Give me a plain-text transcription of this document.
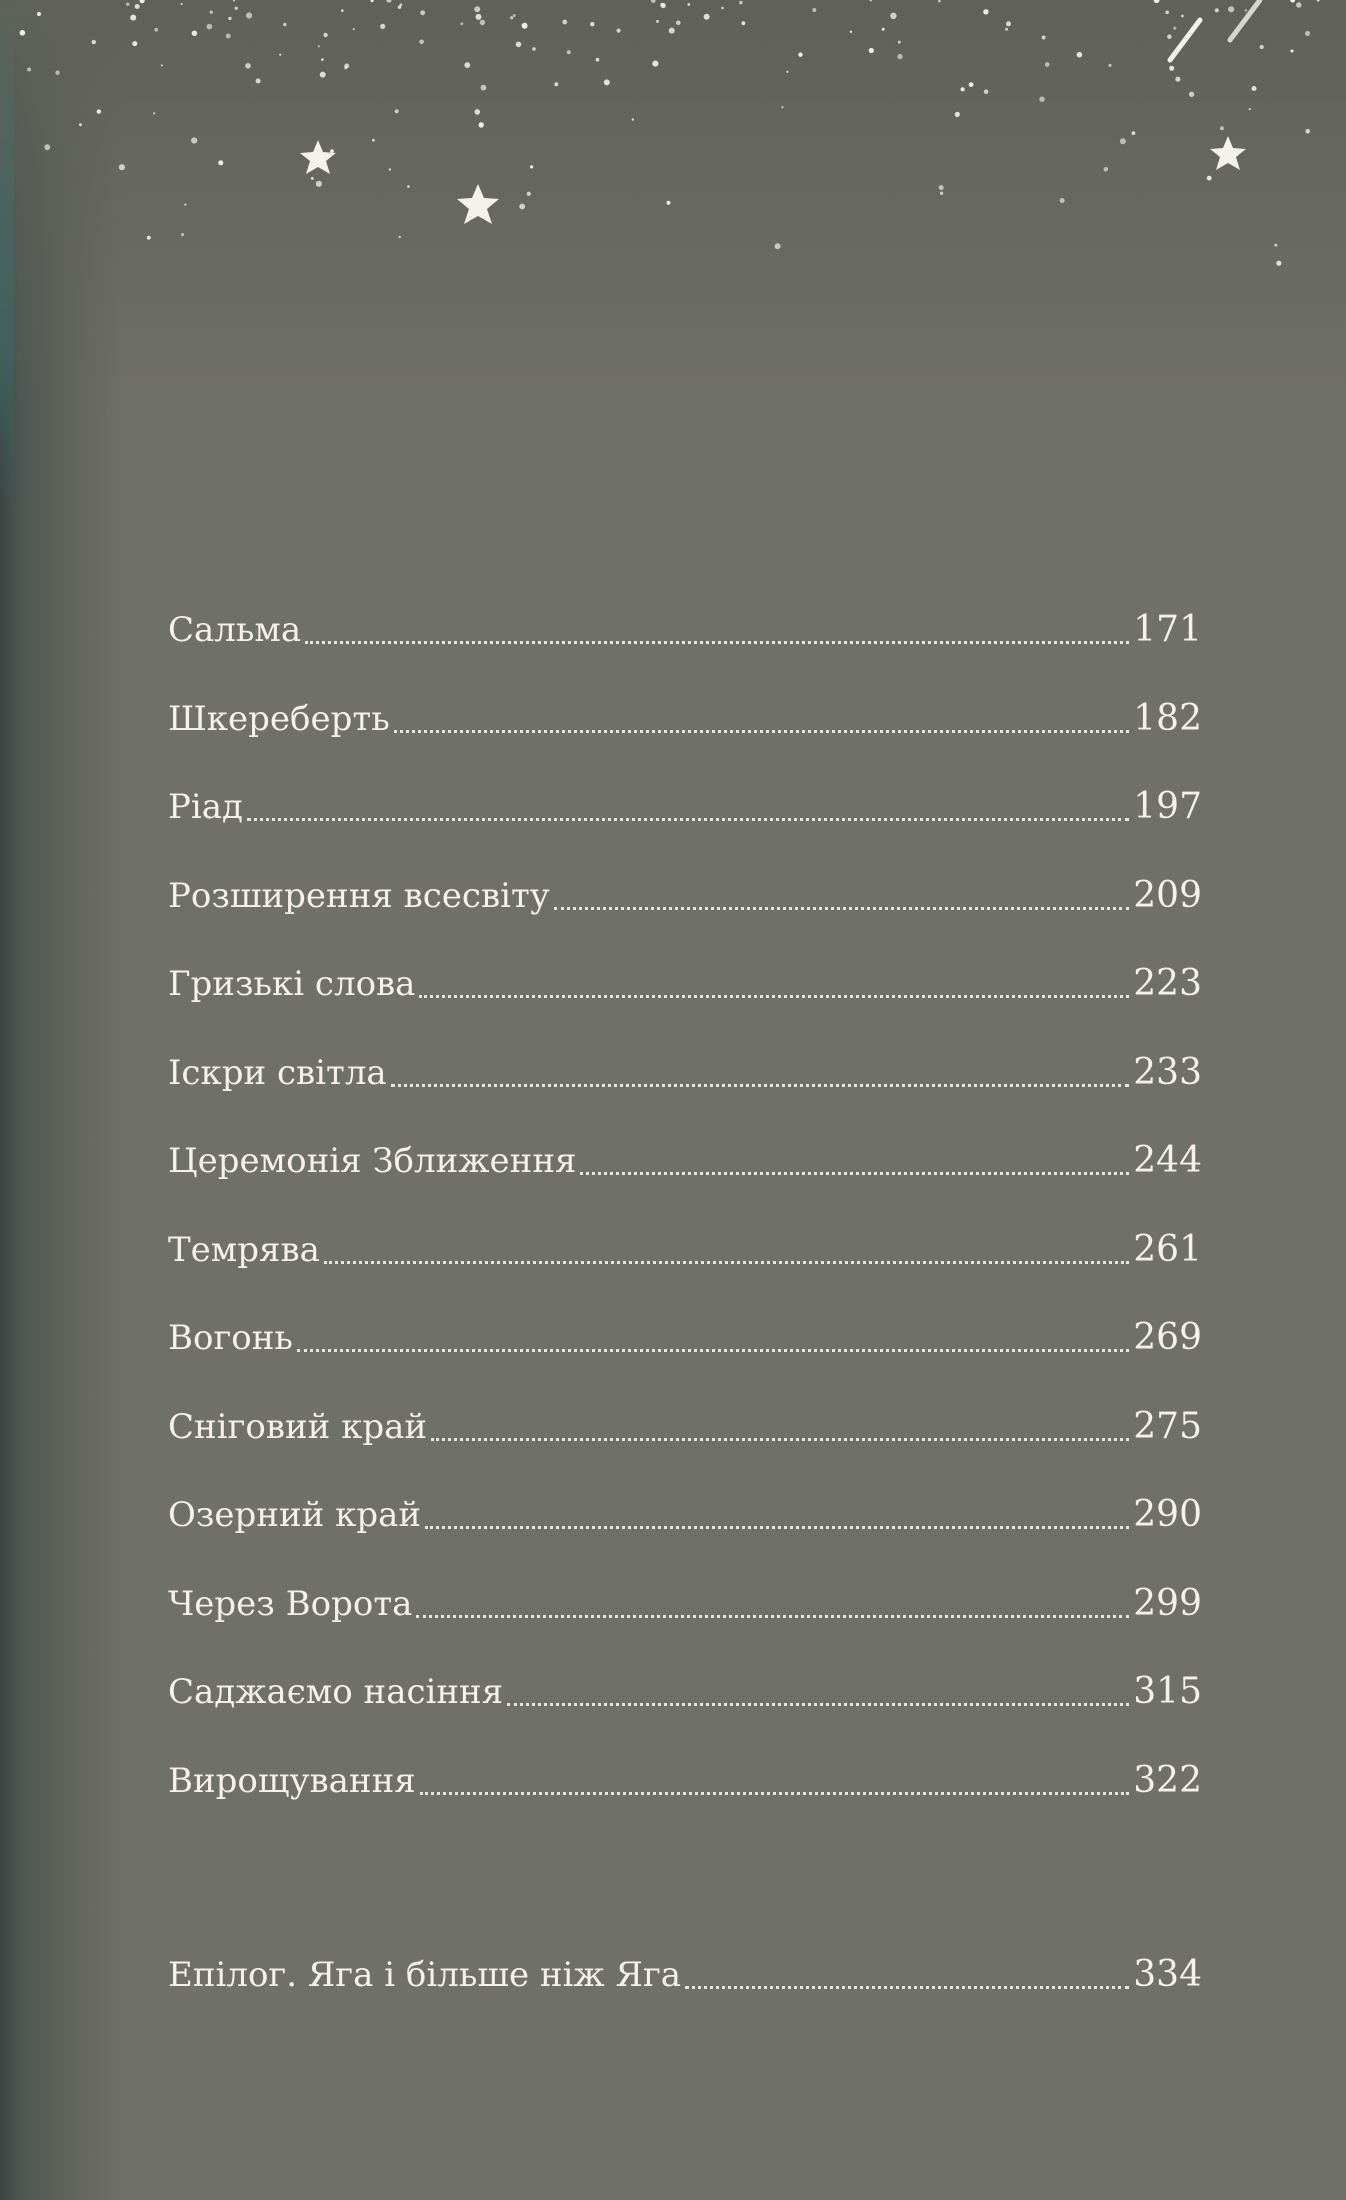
Сальма	171
Шкереберть	182
Ріад	197
Розширення всесвіту	209
Гризькі слова	223
Іскри світла	233
Церемонія Зближення	244
Темрява	261
Вогонь	269
Сніговий край	275
Озерний край	290
Через Ворота	299
Саджаємо насіння	315
Вирощування	322
Епілог. Яга і більше ніж Яга	334
